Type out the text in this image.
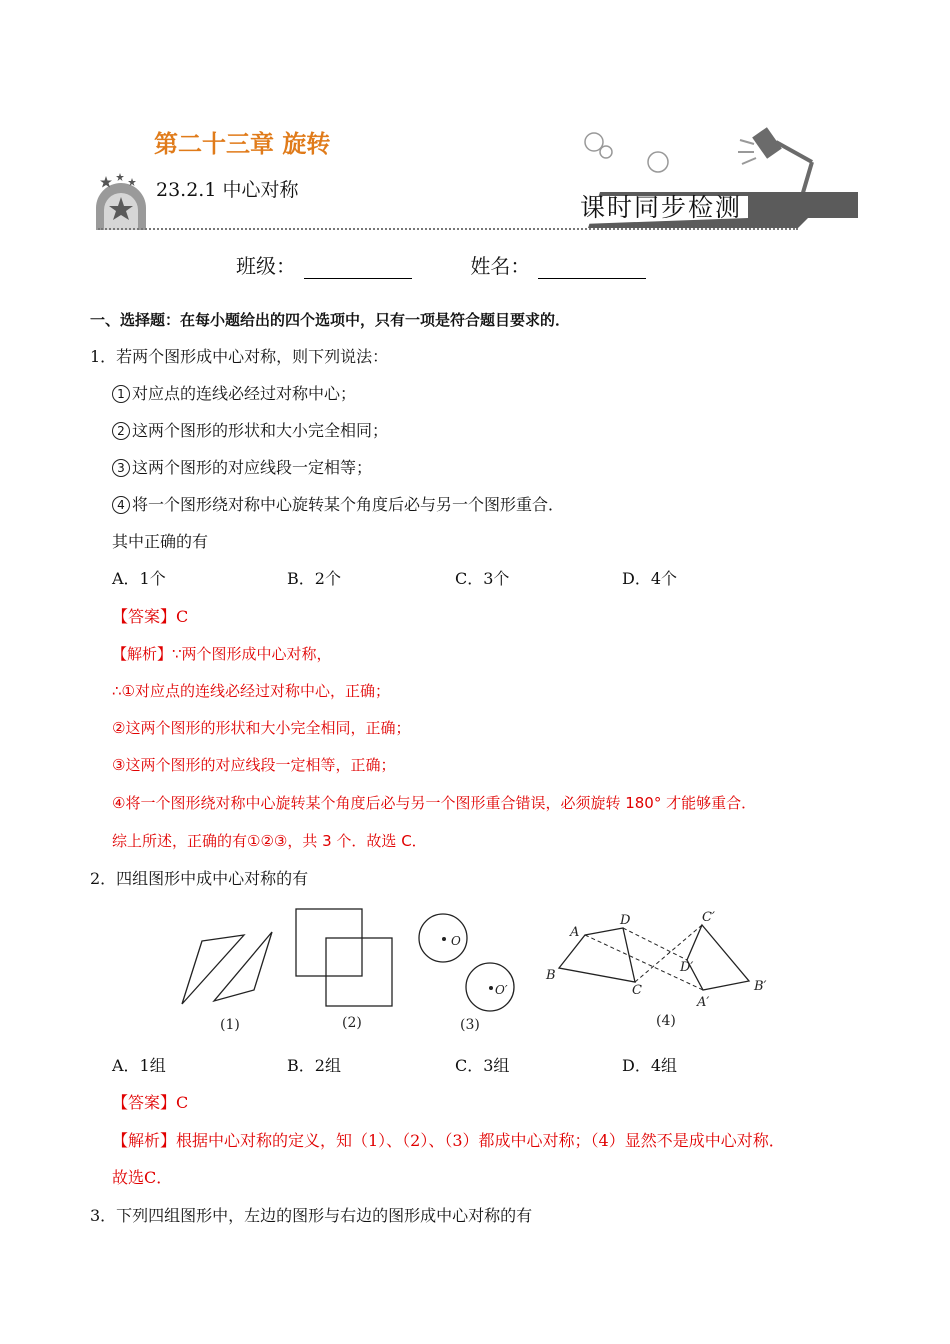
第二十三章 旋转
23.2.1 中心对称
课时同步检测
班级：	姓名：
一、选择题：在每小题给出的四个选项中，只有一项是符合题目要求的．
1．若两个图形成中心对称，则下列说法：
1 对应点的连线必经过对称中心；
2 这两个图形的形状和大小完全相同；
3 这两个图形的对应线段一定相等；
4 将一个图形绕对称中心旋转某个角度后必与另一个图形重合．
其中正确的有
A．1个	B．2个	C．3个	D．4个
【答案】C
【解析】∵两个图形成中心对称，
∴①对应点的连线必经过对称中心，正确；
②这两个图形的形状和大小完全相同，正确；
③这两个图形的对应线段一定相等，正确；
④将一个图形绕对称中心旋转某个角度后必与另一个图形重合错误，必须旋转 180° 才能够重合．
综上所述，正确的有①②③，共 3 个．故选 C．
2．四组图形中成中心对称的有
(1)	(2)
O
O′
(3)
A
D
B
C
C′
D′
A′
B′
(4)
A．1组	B．2组	C．3组	D．4组
【答案】C
【解析】根据中心对称的定义，知（1）、（2）、（3）都成中心对称；（4）显然不是成中心对称．
故选C．
3．下列四组图形中，左边的图形与右边的图形成中心对称的有
